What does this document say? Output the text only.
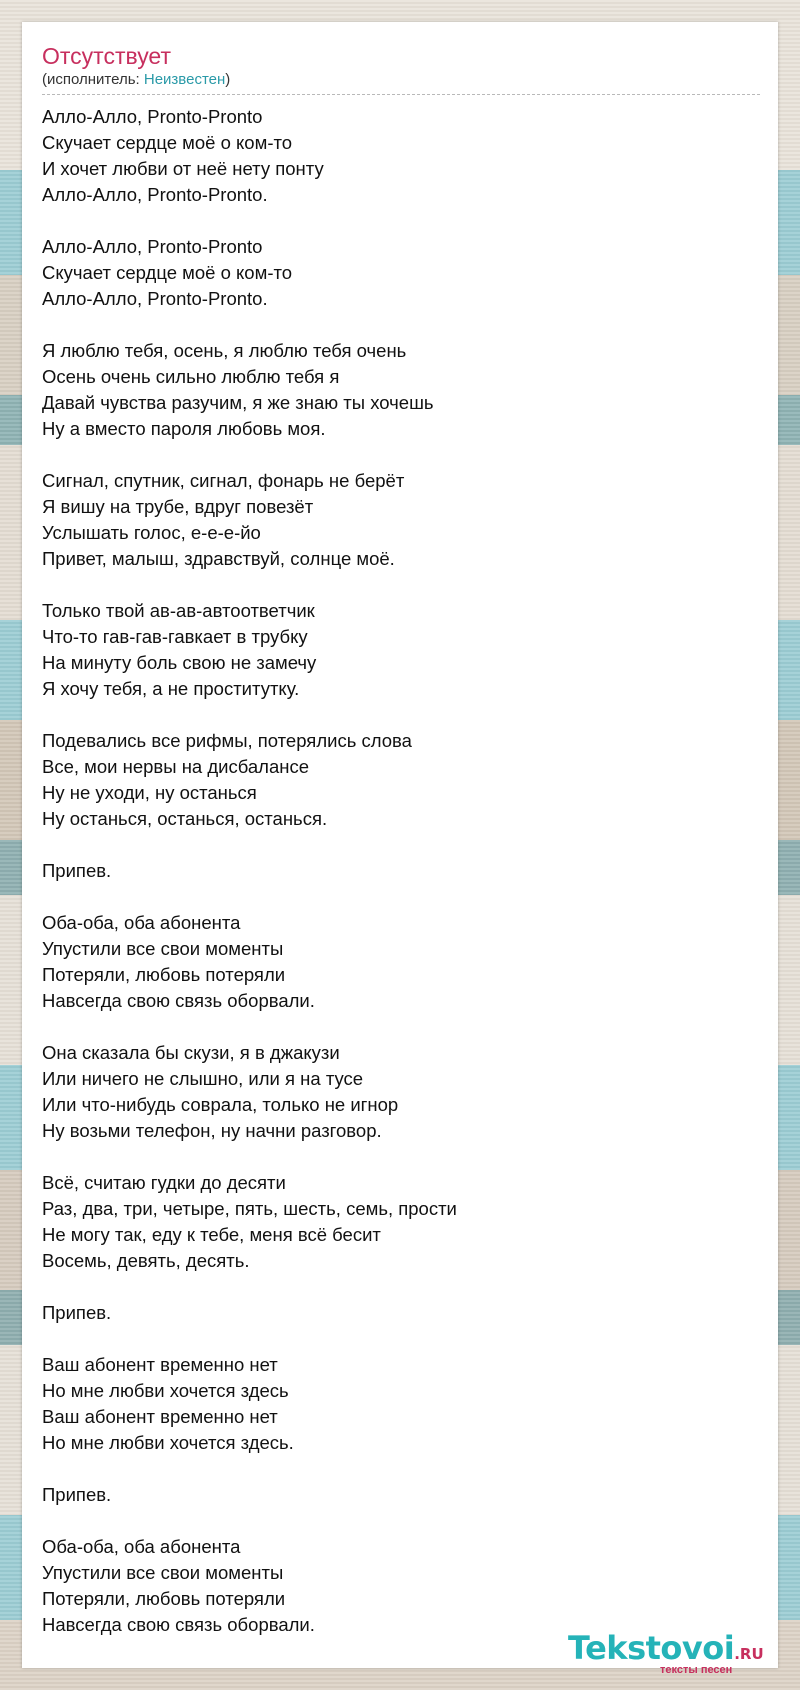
Отсутствует
(исполнитель: Неизвестен)
Алло-Алло, Pronto-Pronto
Скучает сердце моё о ком-то
И хочет любви от неё нету понту
Алло-Алло, Pronto-Pronto.
Алло-Алло, Pronto-Pronto
Скучает сердце моё о ком-то
Алло-Алло, Pronto-Pronto.
Я люблю тебя, осень, я люблю тебя очень
Осень очень сильно люблю тебя я
Давай чувства разучим, я же знаю ты хочешь
Ну а вместо пароля любовь моя.
Сигнал, спутник, сигнал, фонарь не берёт
Я вишу на трубе, вдруг повезёт
Услышать голос, е-е-е-йо
Привет, малыш, здравствуй, солнце моё.
Только твой ав-ав-автоответчик
Что-то гав-гав-гавкает в трубку
На минуту боль свою не замечу
Я хочу тебя, а не проститутку.
Подевались все рифмы, потерялись слова
Все, мои нервы на дисбалансе
Ну не уходи, ну останься
Ну останься, останься, останься.
Припев.
Оба-оба, оба абонента
Упустили все свои моменты
Потеряли, любовь потеряли
Навсегда свою связь оборвали.
Она сказала бы скузи, я в джакузи
Или ничего не слышно, или я на тусе
Или что-нибудь соврала, только не игнор
Ну возьми телефон, ну начни разговор.
Всё, считаю гудки до десяти
Раз, два, три, четыре, пять, шесть, семь, прости
Не могу так, еду к тебе, меня всё бесит
Восемь, девять, десять.
Припев.
Ваш абонент временно нет
Но мне любви хочется здесь
Ваш абонент временно нет
Но мне любви хочется здесь.
Припев.
Оба-оба, оба абонента
Упустили все свои моменты
Потеряли, любовь потеряли
Навсегда свою связь оборвали.
Tekstovoi.RU
тексты песен
